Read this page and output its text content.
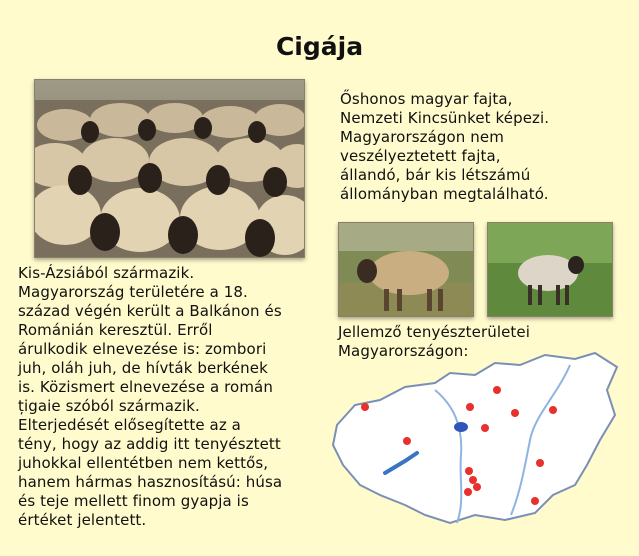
Cigája

Őshonos magyar fajta,

Nemzeti Kincsünket képezi.

Magyarországon nem

veszélyeztetett fajta,

állandó, bár kis létszámú

állományban megtalálható.

Kis-Ázsiából származik.

Magyarország területére a 18.

század végén került a Balkánon és

Románián keresztül. Erről

árulkodik elnevezése is: zombori

juh, oláh juh, de hívták berkének

is. Közismert elnevezése a román

țigaie szóból származik.

Elterjedését elősegítette az a

tény, hogy az addig itt tenyésztett

juhokkal ellentétben nem kettős,

hanem hármas hasznosítású: húsa

és teje mellett finom gyapja is

értéket jelentett.

Jellemző tenyészterületei

Magyarországon:
